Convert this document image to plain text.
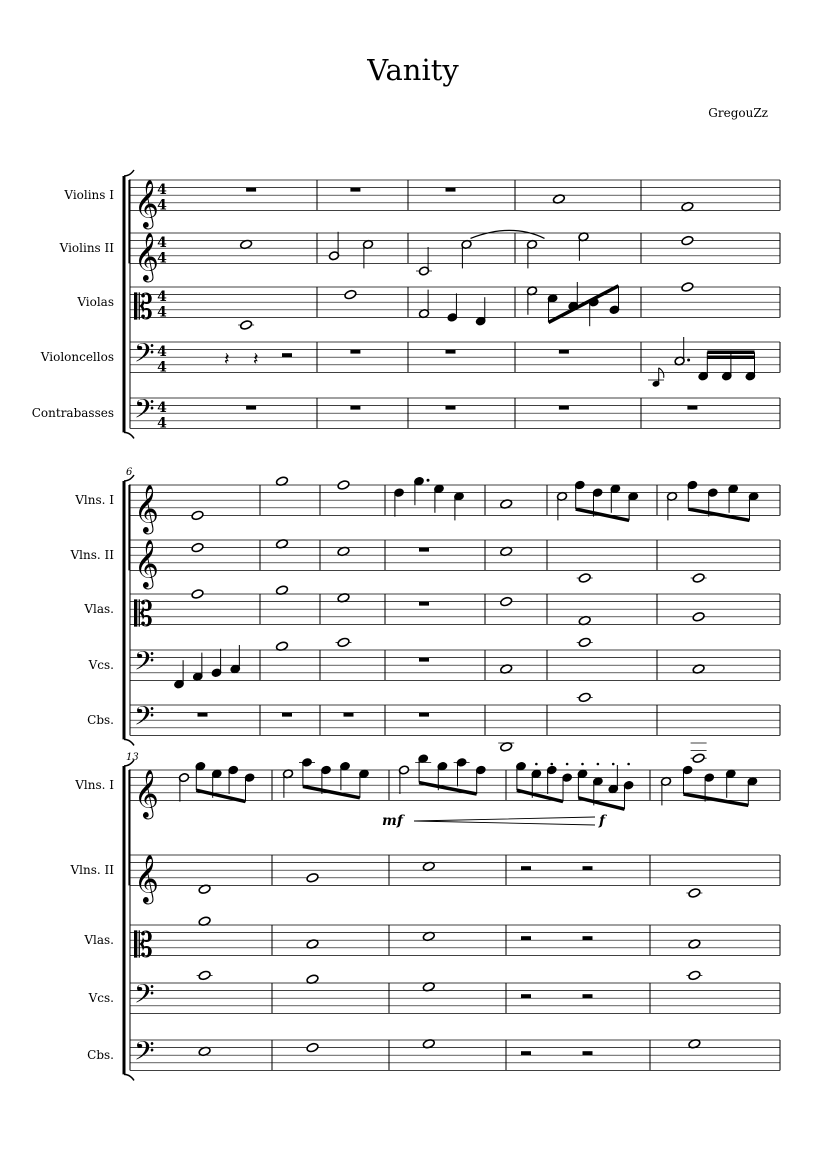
Vanity
GregouZz
Violins I 𝄞
4
4
Violins II 𝄞
4
4
Violas 𝄡 4
4
Violoncellos 𝄢 4
4	𝄽 𝄽
Contrabasses 𝄢 4
4
6
Vlns. I 𝄞
Vlns. II 𝄞
Vlas. 𝄡
Vcs. 𝄢
Cbs. 𝄢
13
Vlns. I 𝄞
Vlns. II 𝄞
Vlas. 𝄡
Vcs. 𝄢
Cbs. 𝄢
mf	f
